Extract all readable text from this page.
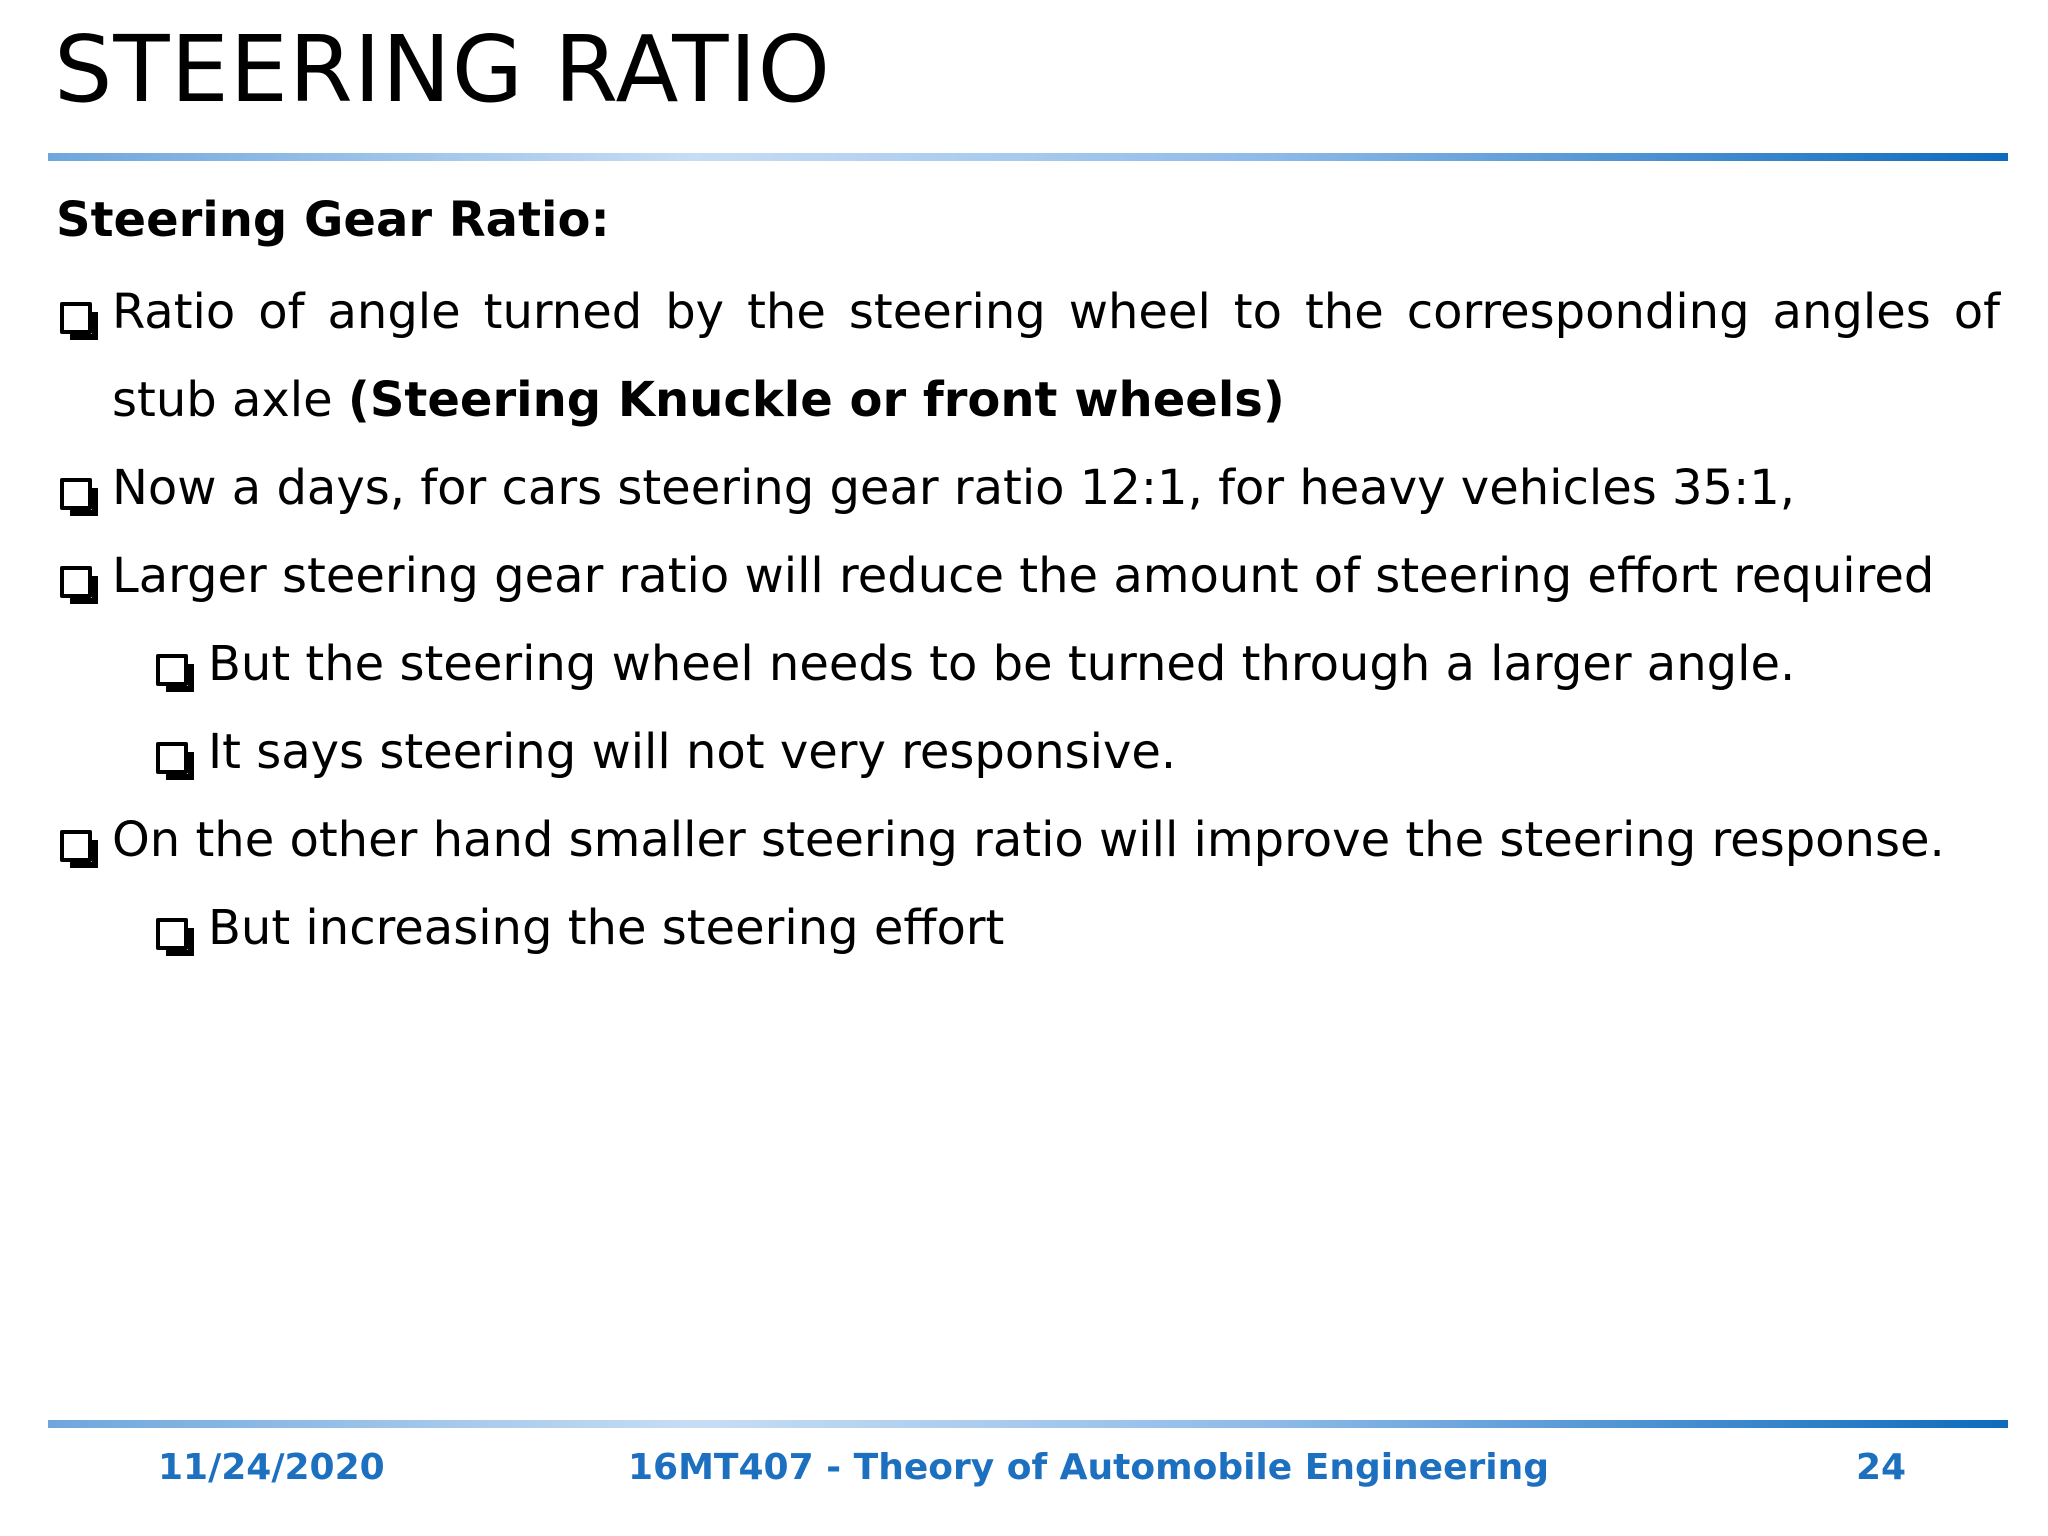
STEERING RATIO
Steering Gear Ratio:
Ratio of angle turned by the steering wheel to the corresponding angles of stub axle (Steering Knuckle or front wheels)
Now a days, for cars steering gear ratio 12:1, for heavy vehicles 35:1,
Larger steering gear ratio will reduce the amount of steering effort required
But the steering wheel needs to be turned through a larger angle.
It says steering will not very responsive.
On the other hand smaller steering ratio will improve the steering response.
But increasing the steering effort
11/24/2020	16MT407 - Theory of Automobile Engineering	24
